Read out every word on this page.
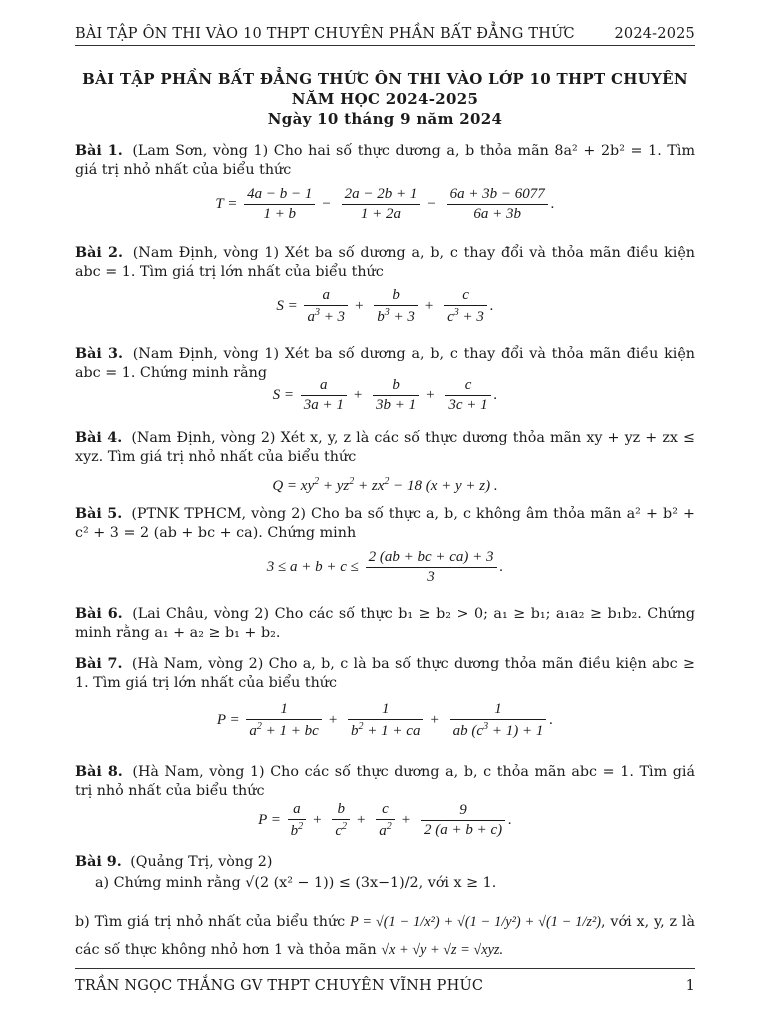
BÀI TẬP ÔN THI VÀO 10 THPT CHUYÊN PHẦN BẤT ĐẲNG THỨC	2024-2025
BÀI TẬP PHẦN BẤT ĐẲNG THỨC ÔN THI VÀO LỚP 10 THPT CHUYÊN
NĂM HỌC 2024-2025
Ngày 10 tháng 9 năm 2024
Bài 1. (Lam Sơn, vòng 1) Cho hai số thực dương a, b thỏa mãn 8a² + 2b² = 1. Tìm giá trị nhỏ nhất của biểu thức
$T = \frac{4a - b - 1}{1 + b} - \frac{2a - 2b + 1}{1 + 2a} - \frac{6a + 3b - 6077}{6a + 3b}$ .
Bài 2. (Nam Định, vòng 1) Xét ba số dương a, b, c thay đổi và thỏa mãn điều kiện abc = 1. Tìm giá trị lớn nhất của biểu thức
$S = \frac{a}{a^3 + 3} + \frac{b}{b^3 + 3} + \frac{c}{c^3 + 3}$ .
Bài 3. (Nam Định, vòng 1) Xét ba số dương a, b, c thay đổi và thỏa mãn điều kiện abc = 1. Chứng minh rằng
$S = \frac{a}{3a + 1} + \frac{b}{3b + 1} + \frac{c}{3c + 1}$ .
Bài 4. (Nam Định, vòng 2) Xét x, y, z là các số thực dương thỏa mãn xy + yz + zx ≤ xyz. Tìm giá trị nhỏ nhất của biểu thức
$Q = xy^2 + yz^2 + zx^2 - 18$ (x + y + z) .
Bài 5. (PTNK TPHCM, vòng 2) Cho ba số thực a, b, c không âm thỏa mãn a² + b² + c² + 3 = 2 (ab + bc + ca). Chứng minh
$3 \le a + b + c \le \frac{2 (ab + bc + ca) + 3}{3}$ .
Bài 6. (Lai Châu, vòng 2) Cho các số thực b₁ ≥ b₂ > 0; a₁ ≥ b₁; a₁a₂ ≥ b₁b₂. Chứng minh rằng a₁ + a₂ ≥ b₁ + b₂.
Bài 7. (Hà Nam, vòng 2) Cho a, b, c là ba số thực dương thỏa mãn điều kiện abc ≥ 1. Tìm giá trị lớn nhất của biểu thức
$P = \frac{1}{a^2 + 1 + bc} + \frac{1}{b^2 + 1 + ca} + \frac{1}{ab (c^3 + 1) + 1}$ .
Bài 8. (Hà Nam, vòng 1) Cho các số thực dương a, b, c thỏa mãn abc = 1. Tìm giá trị nhỏ nhất của biểu thức
$P = \frac{a}{b^2} + \frac{b}{c^2} + \frac{c}{a^2} + \frac{9}{2 (a + b + c)}$ .
Bài 9. (Quảng Trị, vòng 2)
a) Chứng minh rằng √(2 (x² − 1)) ≤ (3x−1)/2, với x ≥ 1.
b) Tìm giá trị nhỏ nhất của biểu thức P = √(1 − 1/x²) + √(1 − 1/y²) + √(1 − 1/z²), với x, y, z là các số thực không nhỏ hơn 1 và thỏa mãn √x + √y + √z = √xyz.
TRẦN NGỌC THẮNG GV THPT CHUYÊN VĨNH PHÚC	1
